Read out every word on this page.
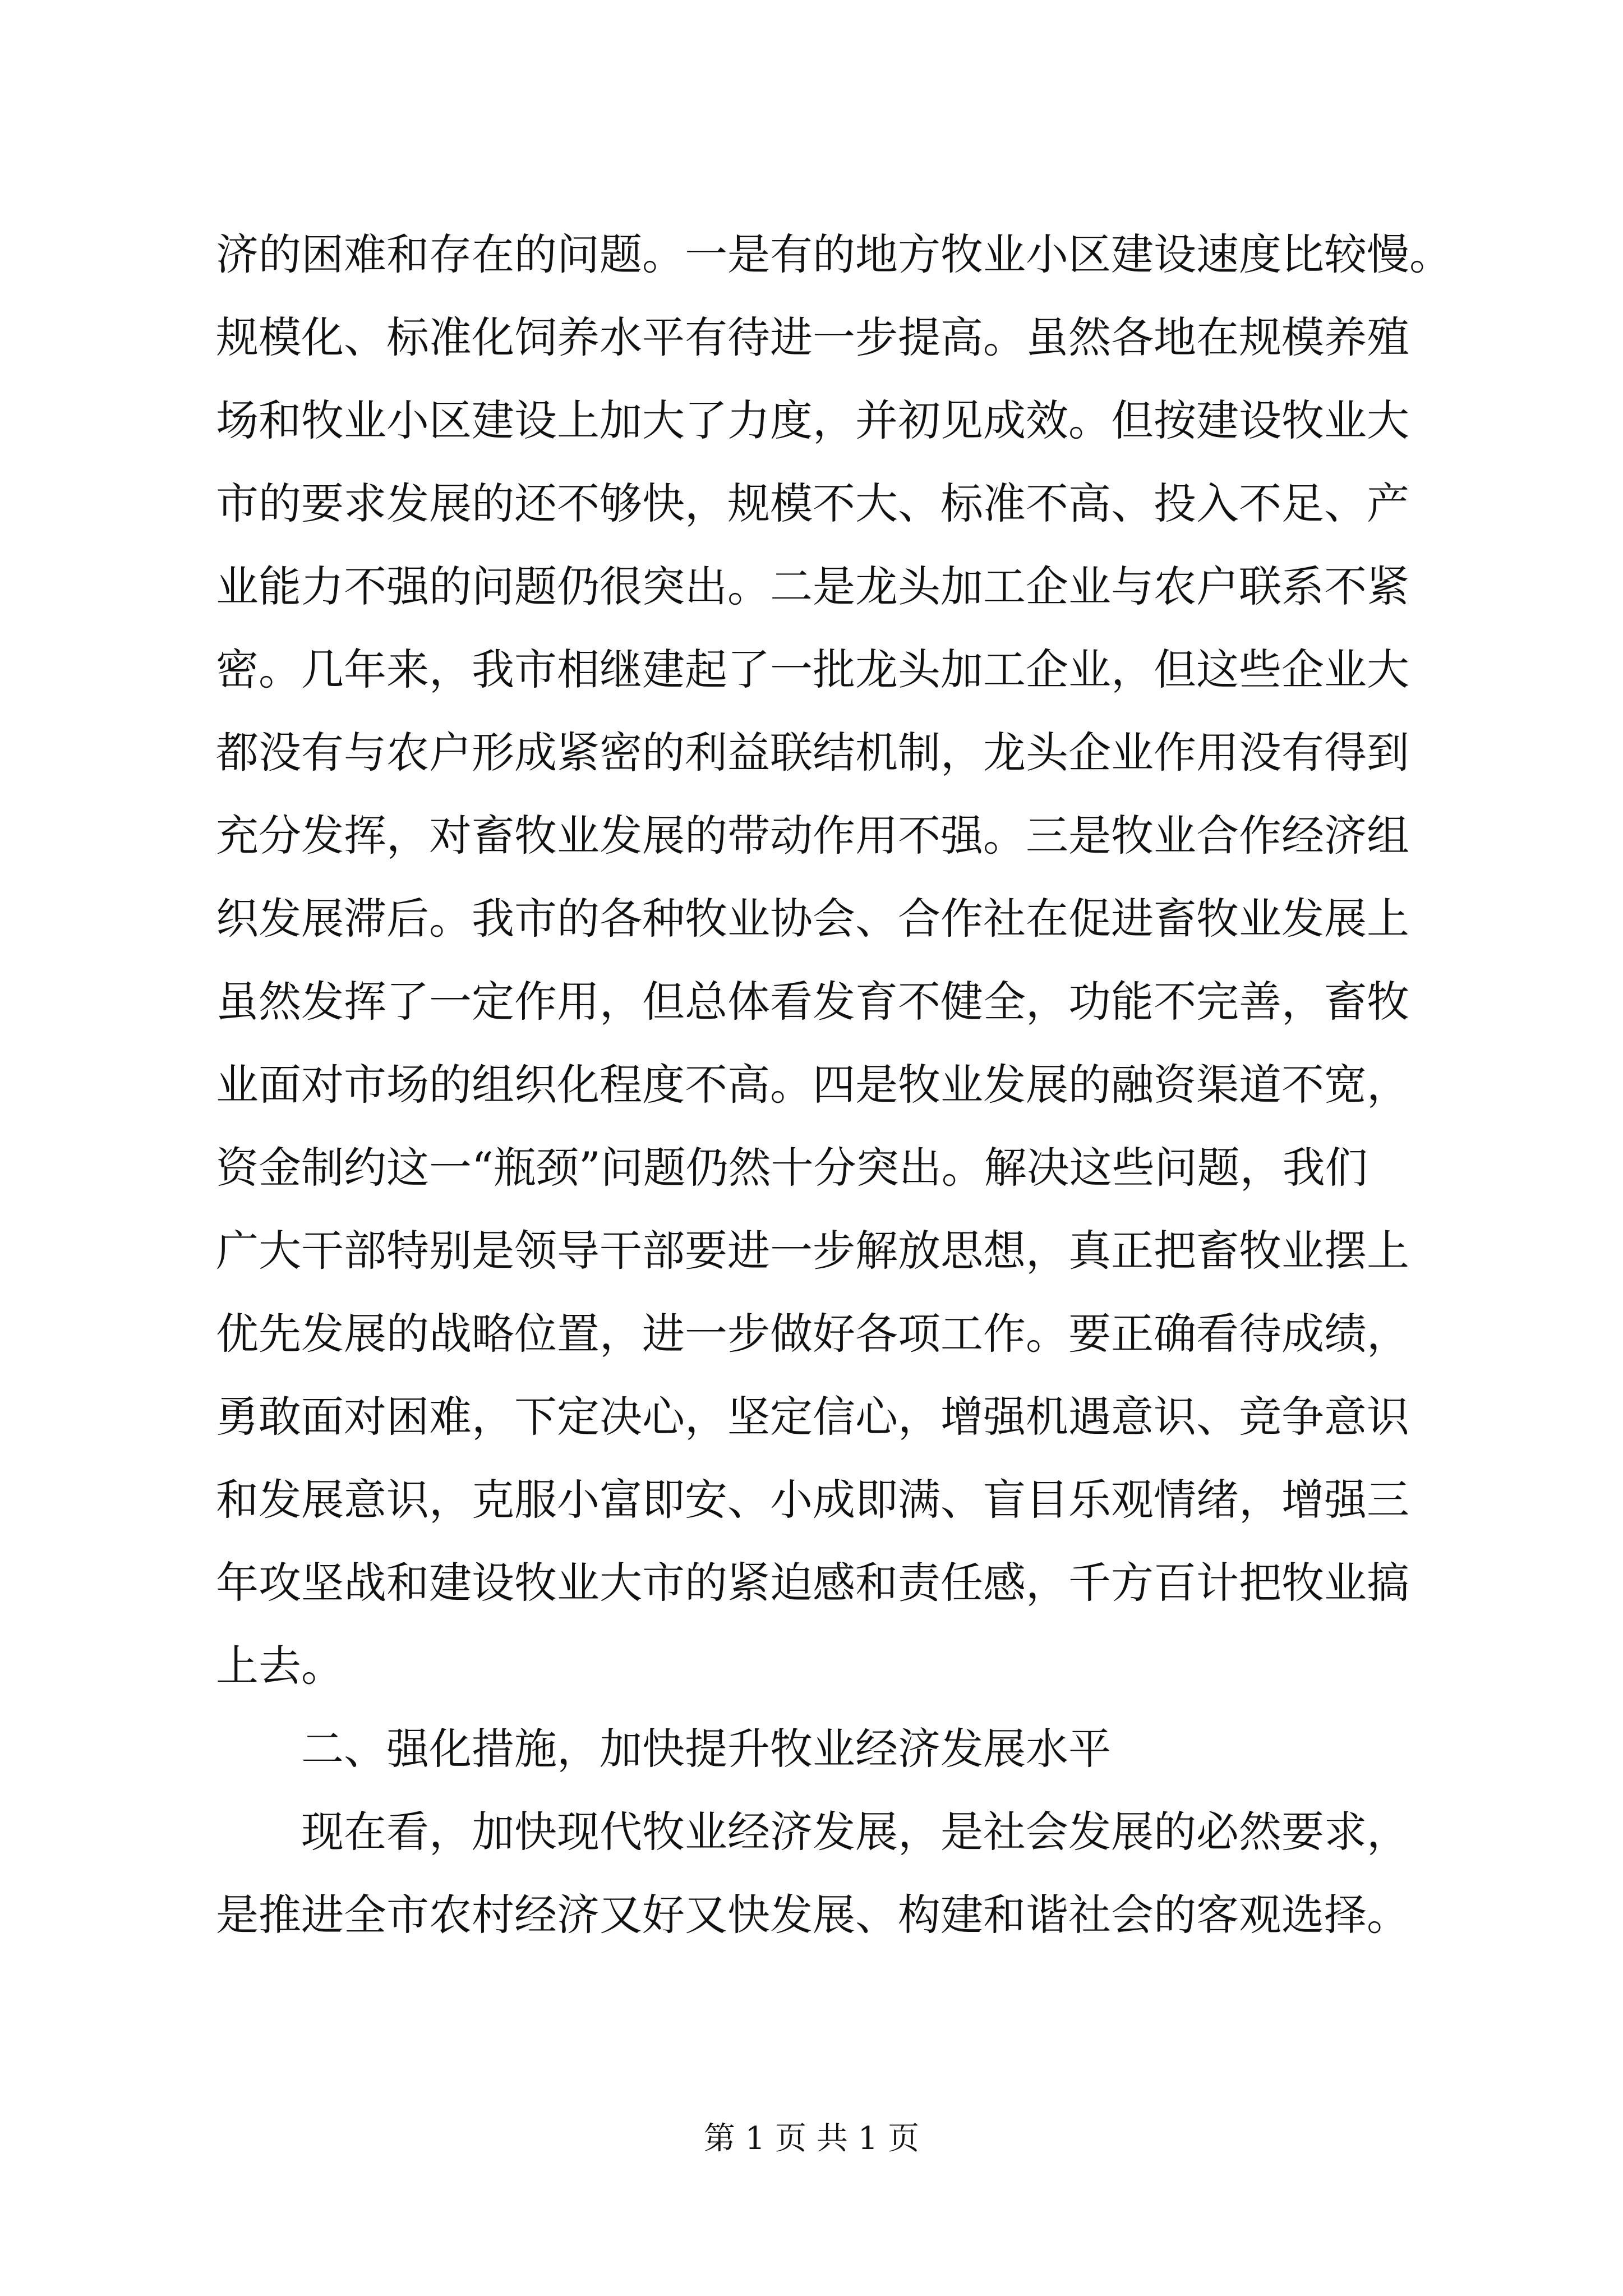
济的困难和存在的问题。一是有的地方牧业小区建设速度比较慢。
规模化、标准化饲养水平有待进一步提高。虽然各地在规模养殖
场和牧业小区建设上加大了力度，并初见成效。但按建设牧业大
市的要求发展的还不够快，规模不大、标准不高、投入不足、产
业能力不强的问题仍很突出。二是龙头加工企业与农户联系不紧
密。几年来，我市相继建起了一批龙头加工企业，但这些企业大
都没有与农户形成紧密的利益联结机制，龙头企业作用没有得到
充分发挥，对畜牧业发展的带动作用不强。三是牧业合作经济组
织发展滞后。我市的各种牧业协会、合作社在促进畜牧业发展上
虽然发挥了一定作用，但总体看发育不健全，功能不完善，畜牧
业面对市场的组织化程度不高。四是牧业发展的融资渠道不宽，
资金制约这一“瓶颈”问题仍然十分突出。解决这些问题，我们
广大干部特别是领导干部要进一步解放思想，真正把畜牧业摆上
优先发展的战略位置，进一步做好各项工作。要正确看待成绩，
勇敢面对困难，下定决心，坚定信心，增强机遇意识、竞争意识
和发展意识，克服小富即安、小成即满、盲目乐观情绪，增强三
年攻坚战和建设牧业大市的紧迫感和责任感，千方百计把牧业搞
上去。
二、强化措施，加快提升牧业经济发展水平
现在看，加快现代牧业经济发展，是社会发展的必然要求，
是推进全市农村经济又好又快发展、构建和谐社会的客观选择。
第 1 页 共 1 页
